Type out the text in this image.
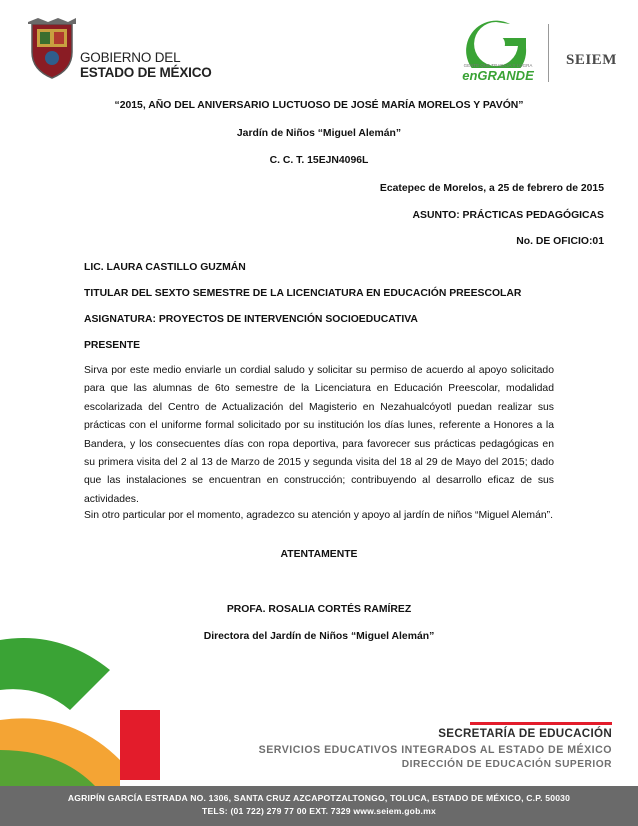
GOBIERNO DEL
ESTADO DE MÉXICO	GENTE QUE TRABAJA Y LOGRA
enGRANDE
SEIEM
“2015, AÑO DEL ANIVERSARIO LUCTUOSO DE JOSÉ MARÍA MORELOS Y PAVÓN”
Jardín de Niños “Miguel Alemán”
C. C. T. 15EJN4096L
Ecatepec de Morelos, a 25 de febrero de 2015
ASUNTO: PRÁCTICAS PEDAGÓGICAS
No. DE OFICIO:01
LIC. LAURA CASTILLO GUZMÁN
TITULAR DEL SEXTO SEMESTRE DE LA LICENCIATURA EN EDUCACIÓN PREESCOLAR
ASIGNATURA: PROYECTOS DE INTERVENCIÓN SOCIOEDUCATIVA
PRESENTE
Sirva por este medio enviarle un cordial saludo y solicitar su permiso de acuerdo al apoyo solicitado para que las alumnas de 6to semestre de la Licenciatura en Educación Preescolar, modalidad escolarizada del Centro de Actualización del Magisterio en Nezahualcóyotl puedan realizar sus prácticas con el uniforme formal solicitado por su institución los días lunes, referente a Honores a la Bandera, y los consecuentes días con ropa deportiva, para favorecer sus prácticas pedagógicas en su primera visita del 2 al 13 de Marzo de 2015 y segunda visita del 18 al 29 de Mayo del 2015; dado que las instalaciones se encuentran en construcción; contribuyendo al desarrollo eficaz de sus actividades.
Sin otro particular por el momento, agradezco su atención y apoyo al jardín de niños “Miguel Alemán”.
ATENTAMENTE
PROFA. ROSALIA CORTÉS RAMÍREZ
Directora del Jardín de Niños “Miguel Alemán”
SECRETARÍA DE EDUCACIÓN
SERVICIOS EDUCATIVOS INTEGRADOS AL ESTADO DE MÉXICO
DIRECCIÓN DE EDUCACIÓN SUPERIOR
AGRIPÍN GARCÍA ESTRADA NO. 1306, SANTA CRUZ AZCAPOTZALTONGO, TOLUCA, ESTADO DE MÉXICO, C.P. 50030
TELS: (01 722) 279 77 00 EXT. 7329 www.seiem.gob.mx
